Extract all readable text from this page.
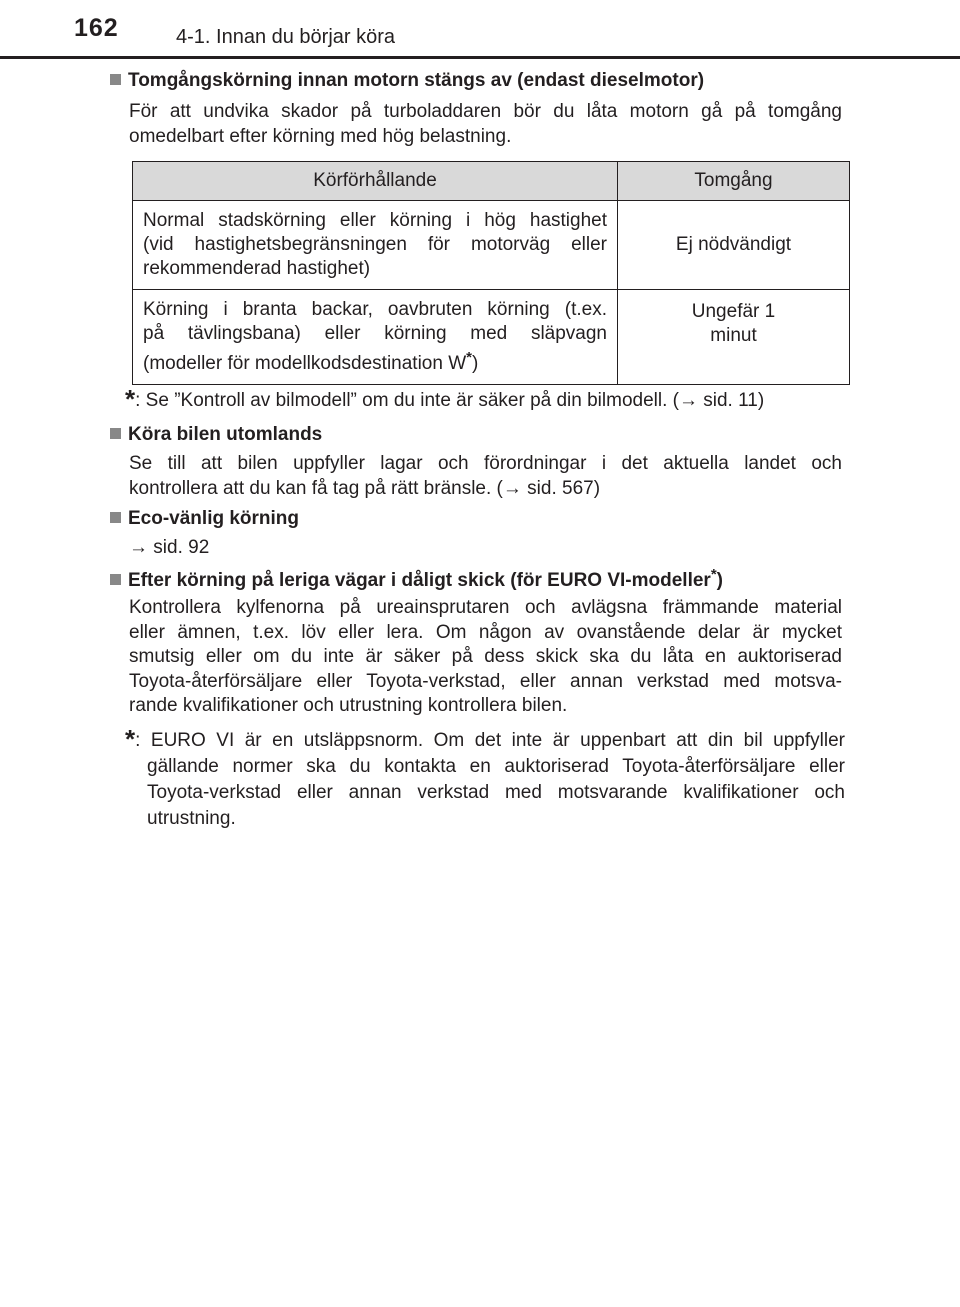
162	4-1. Innan du börjar köra
Tomgångskörning innan motorn stängs av (endast dieselmotor)
För att undvika skador på turboladdaren bör du låta motorn gå på tomgång
omedelbart efter körning med hög belastning.
Körförhållande	Tomgång

Normal stadskörning eller körning i hög hastighet
(vid hastighetsbegränsningen för motorväg eller
rekommenderad hastighet)	Ej nödvändigt

Körning i branta backar, oavbruten körning (t.ex.
på tävlingsbana) eller körning med släpvagn
(modeller för modellkodsdestination W*)	Ungefär 1
minut
*: Se ”Kontroll av bilmodell” om du inte är säker på din bilmodell. (→ sid. 11)
Köra bilen utomlands
Se till att bilen uppfyller lagar och förordningar i det aktuella landet och
kontrollera att du kan få tag på rätt bränsle. (→ sid. 567)
Eco-vänlig körning
→ sid. 92
Efter körning på leriga vägar i dåligt skick (för EURO VI-modeller*)
Kontrollera kylfenorna på ureainsprutaren och avlägsna främmande material
eller ämnen, t.ex. löv eller lera. Om någon av ovanstående delar är mycket
smutsig eller om du inte är säker på dess skick ska du låta en auktoriserad
Toyota-återförsäljare eller Toyota-verkstad, eller annan verkstad med motsva-
rande kvalifikationer och utrustning kontrollera bilen.
*: EURO VI är en utsläppsnorm. Om det inte är uppenbart att din bil uppfyller
gällande normer ska du kontakta en auktoriserad Toyota-återförsäljare eller
Toyota-verkstad eller annan verkstad med motsvarande kvalifikationer och
utrustning.
